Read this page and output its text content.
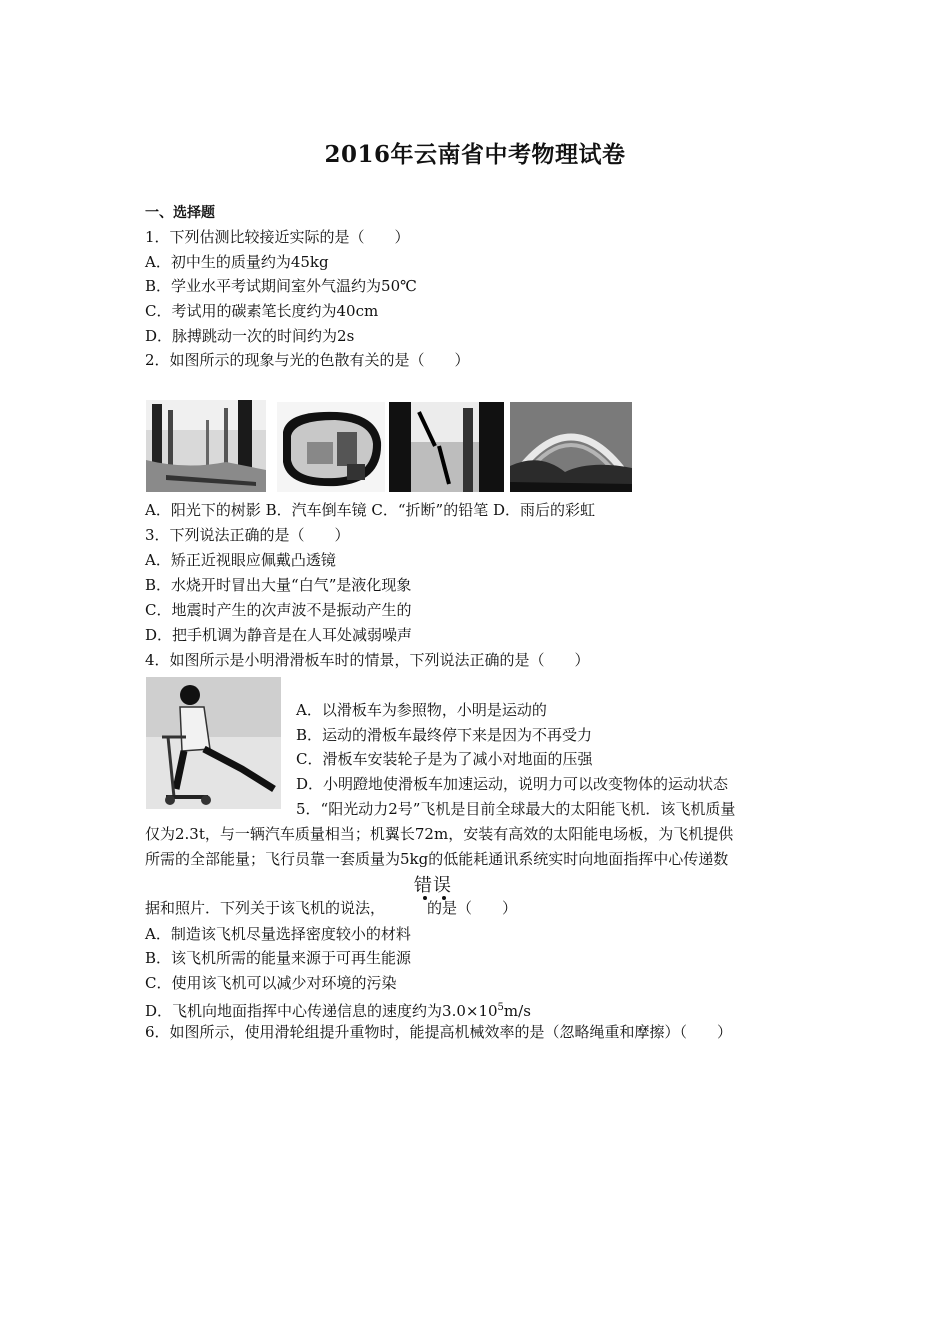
2016年云南省中考物理试卷
一、选择题
1．下列估测比较接近实际的是（　　）
A．初中生的质量约为45kg
B．学业水平考试期间室外气温约为50℃
C．考试用的碳素笔长度约为40cm
D．脉搏跳动一次的时间约为2s
2．如图所示的现象与光的色散有关的是（　　）
A．阳光下的树影 B．汽车倒车镜 C．“折断”的铅笔 D．雨后的彩虹
3．下列说法正确的是（　　）
A．矫正近视眼应佩戴凸透镜
B．水烧开时冒出大量“白气”是液化现象
C．地震时产生的次声波不是振动产生的
D．把手机调为静音是在人耳处减弱噪声
4．如图所示是小明滑滑板车时的情景，下列说法正确的是（　　）
A．以滑板车为参照物，小明是运动的
B．运动的滑板车最终停下来是因为不再受力
C．滑板车安装轮子是为了减小对地面的压强
D．小明蹬地使滑板车加速运动，说明力可以改变物体的运动状态
5．“阳光动力2号”飞机是目前全球最大的太阳能飞机．该飞机质量
仅为2.3t，与一辆汽车质量相当；机翼长72m，安装有高效的太阳能电场板，为飞机提供
所需的全部能量；飞行员靠一套质量为5kg的低能耗通讯系统实时向地面指挥中心传递数
错误
据和照片．下列关于该飞机的说法，	的是（　　）
A．制造该飞机尽量选择密度较小的材料
B．该飞机所需的能量来源于可再生能源
C．使用该飞机可以减少对环境的污染
D．飞机向地面指挥中心传递信息的速度约为$3.0\times 10^5m/s$
6．如图所示，使用滑轮组提升重物时，能提高机械效率的是（忽略绳重和摩擦）（　　）
